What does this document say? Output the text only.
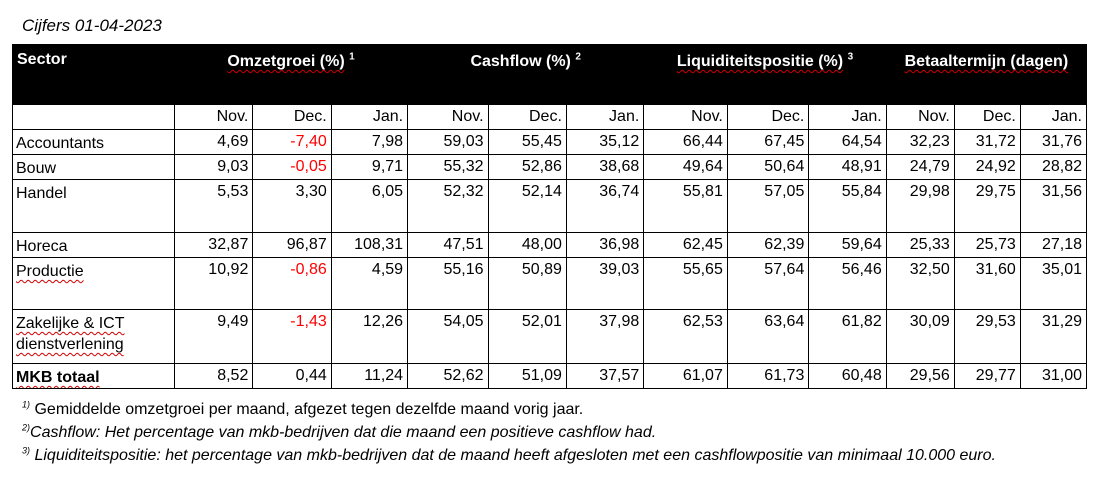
Cijfers 01-04-2023
Sector	Omzetgroei (%) $^1$			Cashflow (%) $^2$			Liquiditeitspositie (%) $^3$			Betaaltermijn (dagen)		
	Nov.	Dec.	Jan.	Nov.	Dec.	Jan.	Nov.	Dec.	Jan.	Nov.	Dec.	Jan.
Accountants	4,69	-7,40	7,98	59,03	55,45	35,12	66,44	67,45	64,54	32,23	31,72	31,76
Bouw	9,03	-0,05	9,71	55,32	52,86	38,68	49,64	50,64	48,91	24,79	24,92	28,82
Handel	5,53	3,30	6,05	52,32	52,14	36,74	55,81	57,05	55,84	29,98	29,75	31,56
Horeca	32,87	96,87	108,31	47,51	48,00	36,98	62,45	62,39	59,64	25,33	25,73	27,18
Productie	10,92	-0,86	4,59	55,16	50,89	39,03	55,65	57,64	56,46	32,50	31,60	35,01
Zakelijke & ICT dienstverlening	9,49	-1,43	12,26	54,05	52,01	37,98	62,53	63,64	61,82	30,09	29,53	31,29
MKB totaal	8,52	0,44	11,24	52,62	51,09	37,57	61,07	61,73	60,48	29,56	29,77	31,00

$^{1)}$ Gemiddelde omzetgroei per maand, afgezet tegen dezelfde maand vorig jaar.

$^{2)}$Cashflow: Het percentage van mkb-bedrijven dat die maand een positieve cashflow had.

$^{3)}$ Liquiditeitspositie: het percentage van mkb-bedrijven dat de maand heeft afgesloten met een cashflowpositie van minimaal 10.000 euro.
